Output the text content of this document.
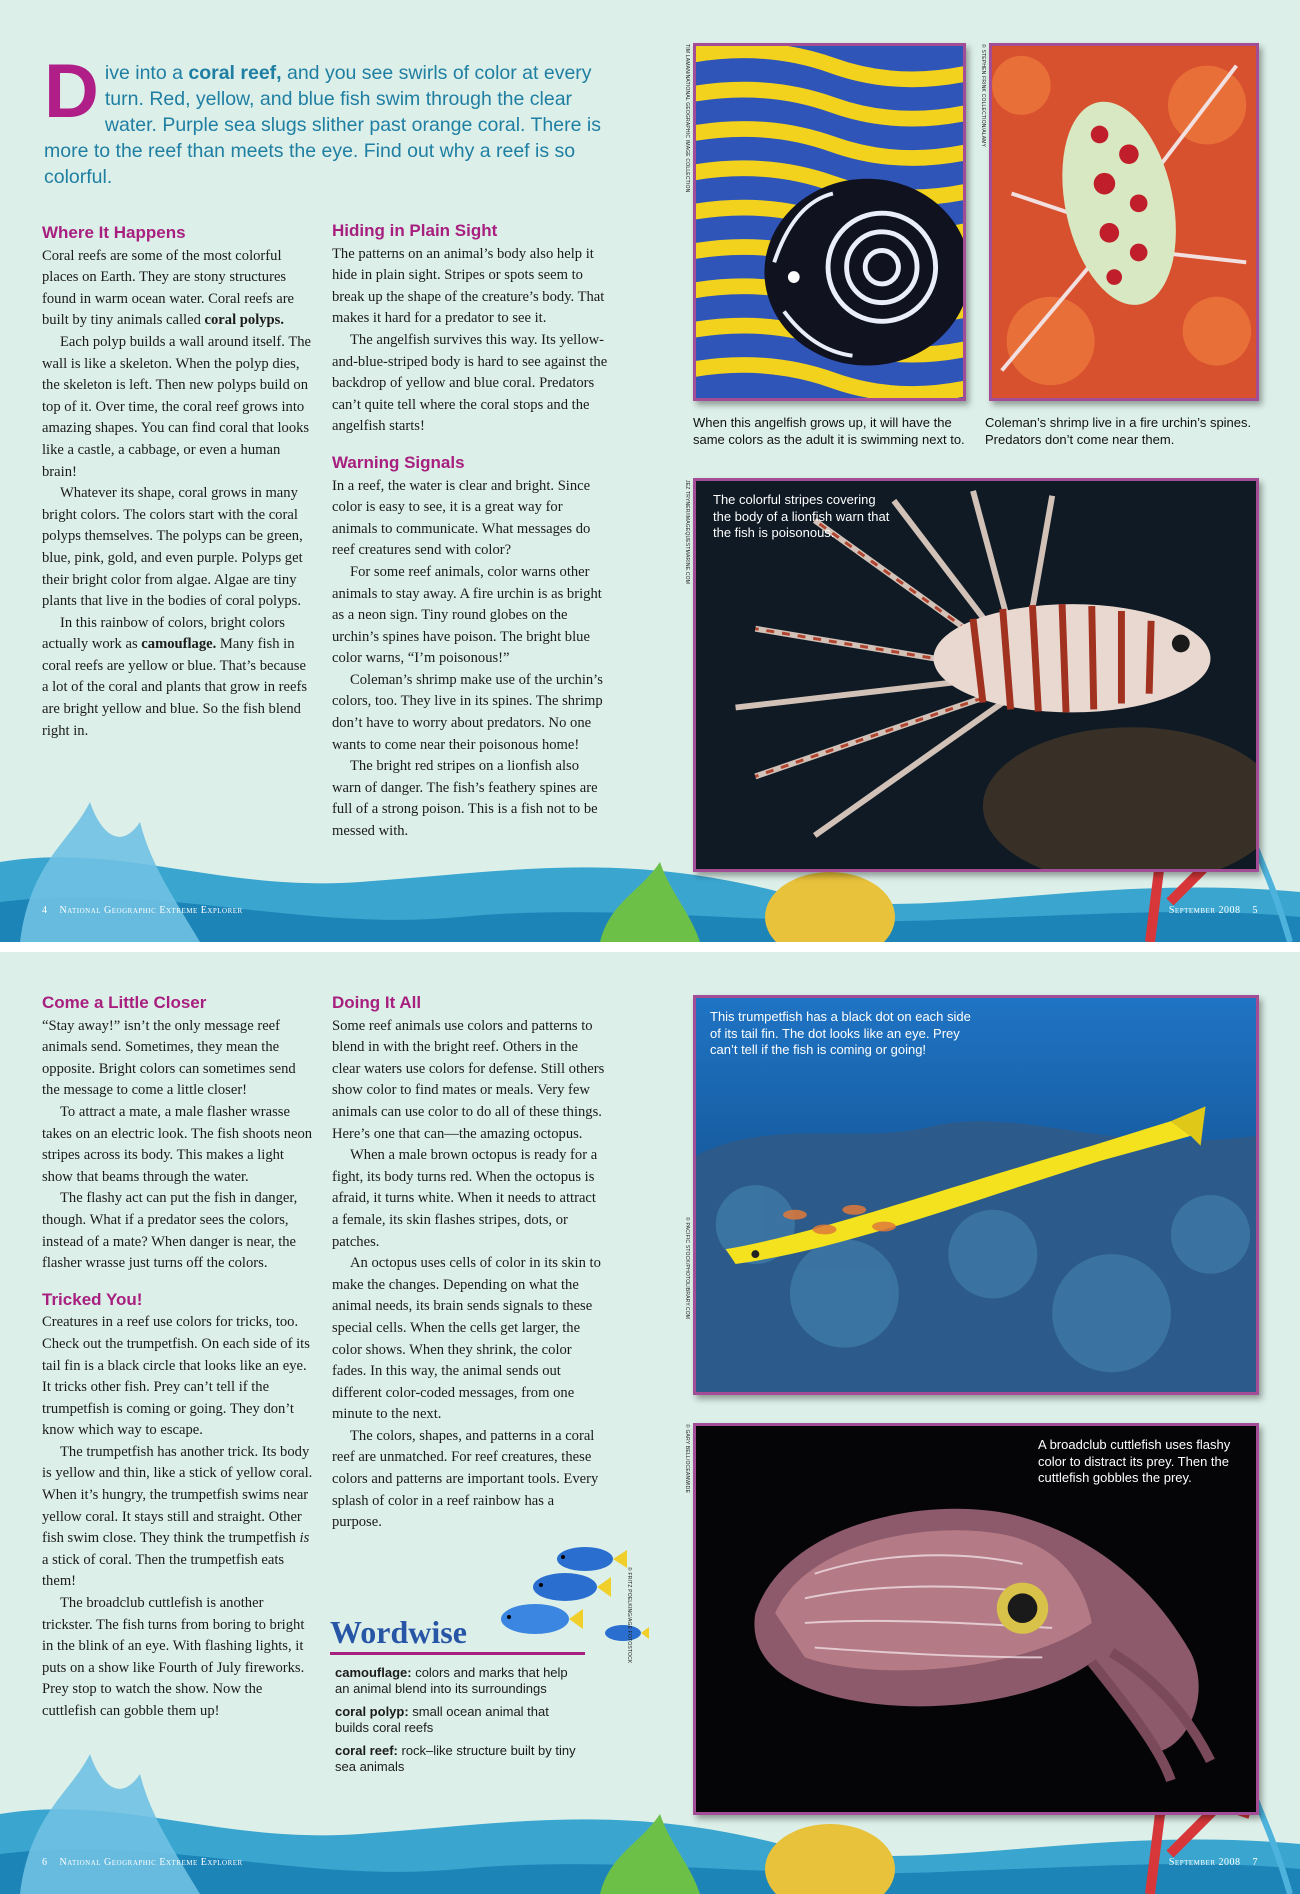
Dive into a coral reef, and you see swirls of color at every turn. Red, yellow, and blue fish swim through the clear water. Purple sea slugs slither past orange coral. There is more to the reef than meets the eye. Find out why a reef is so colorful.
Where It Happens

Coral reefs are some of the most colorful places on Earth. They are stony structures found in warm ocean water. Coral reefs are built by tiny animals called coral polyps.

Each polyp builds a wall around itself. The wall is like a skeleton. When the polyp dies, the skeleton is left. Then new polyps build on top of it. Over time, the coral reef grows into amazing shapes. You can find coral that looks like a castle, a cabbage, or even a human brain!

Whatever its shape, coral grows in many bright colors. The colors start with the coral polyps themselves. The polyps can be green, blue, pink, gold, and even purple. Polyps get their bright color from algae. Algae are tiny plants that live in the bodies of coral polyps.

In this rainbow of colors, bright colors actually work as camouflage. Many fish in coral reefs are yellow or blue. That’s because a lot of the coral and plants that grow in reefs are bright yellow and blue. So the fish blend right in.

Hiding in Plain Sight

The patterns on an animal’s body also help it hide in plain sight. Stripes or spots seem to break up the shape of the creature’s body. That makes it hard for a predator to see it.

The angelfish survives this way. Its yellow-and-blue-striped body is hard to see against the backdrop of yellow and blue coral. Predators can’t quite tell where the coral stops and the angelfish starts!

Warning Signals

In a reef, the water is clear and bright. Since color is easy to see, it is a great way for animals to communicate. What messages do reef creatures send with color?

For some reef animals, color warns other animals to stay away. A fire urchin is as bright as a neon sign. Tiny round globes on the urchin’s spines have poison. The bright blue color warns, “I’m poisonous!”

Coleman’s shrimp make use of the urchin’s colors, too. They live in its spines. The shrimp don’t have to worry about predators. No one wants to come near their poisonous home!

The bright red stripes on a lionfish also warn of danger. The fish’s feathery spines are full of a strong poison. This is a fish not to be messed with.

TIM LAMAN/NATIONAL GEOGRAPHIC IMAGE COLLECTION	© STEPHEN FRINK COLLECTION/ALAMY
When this angelfish grows up, it will have the same colors as the adult it is swimming next to.
Coleman’s shrimp live in a fire urchin’s spines. Predators don’t come near them.
JEZ TRYNER/IMAGEQUESTMARINE.COM The colorful stripes covering the body of a lionfish warn that the fish is poisonous.
4 National Geographic Extreme Explorer	September 2008 5
Come a Little Closer

“Stay away!” isn’t the only message reef animals send. Sometimes, they mean the opposite. Bright colors can sometimes send the message to come a little closer!

To attract a mate, a male flasher wrasse takes on an electric look. The fish shoots neon stripes across its body. This makes a light show that beams through the water.

The flashy act can put the fish in danger, though. What if a predator sees the colors, instead of a mate? When danger is near, the flasher wrasse just turns off the colors.

Tricked You!

Creatures in a reef use colors for tricks, too. Check out the trumpetfish. On each side of its tail fin is a black circle that looks like an eye. It tricks other fish. Prey can’t tell if the trumpetfish is coming or going. They don’t know which way to escape.

The trumpetfish has another trick. Its body is yellow and thin, like a stick of yellow coral. When it’s hungry, the trumpetfish swims near yellow coral. It stays still and straight. Other fish swim close. They think the trumpetfish is a stick of coral. Then the trumpetfish eats them!

The broadclub cuttlefish is another trickster. The fish turns from boring to bright in the blink of an eye. With flashing lights, it puts on a show like Fourth of July fireworks. Prey stop to watch the show. Now the cuttlefish can gobble them up!

Doing It All

Some reef animals use colors and patterns to blend in with the bright reef. Others in the clear waters use colors for defense. Still others show color to find mates or meals. Very few animals can use color to do all of these things. Here’s one that can—the amazing octopus.

When a male brown octopus is ready for a fight, its body turns red. When the octopus is afraid, it turns white. When it needs to attract a female, its skin flashes stripes, dots, or patches.

An octopus uses cells of color in its skin to make the changes. Depending on what the animal needs, its brain sends signals to these special cells. When the cells get larger, the color shows. When they shrink, the color fades. In this way, the animal sends out different color-coded messages, from one minute to the next.

The colors, shapes, and patterns in a coral reef are unmatched. For reef creatures, these colors and patterns are important tools. Every splash of color in a reef rainbow has a purpose.

Wordwise
camouflage: colors and marks that help an animal blend into its surroundings
coral polyp: small ocean animal that builds coral reefs
coral reef: rock–like structure built by tiny sea animals
© FRITZ POELKING/AGE FOTOSTOCK
© PACIFIC STOCK/PHOTOLIBRARY.COM
This trumpetfish has a black dot on each side of its tail fin. The dot looks like an eye. Prey can’t tell if the fish is coming or going!
© GARY BELL/OCEANWIDE	A broadclub cuttlefish uses flashy color to distract its prey. Then the cuttlefish gobbles the prey.
6 National Geographic Extreme Explorer	September 2008 7
